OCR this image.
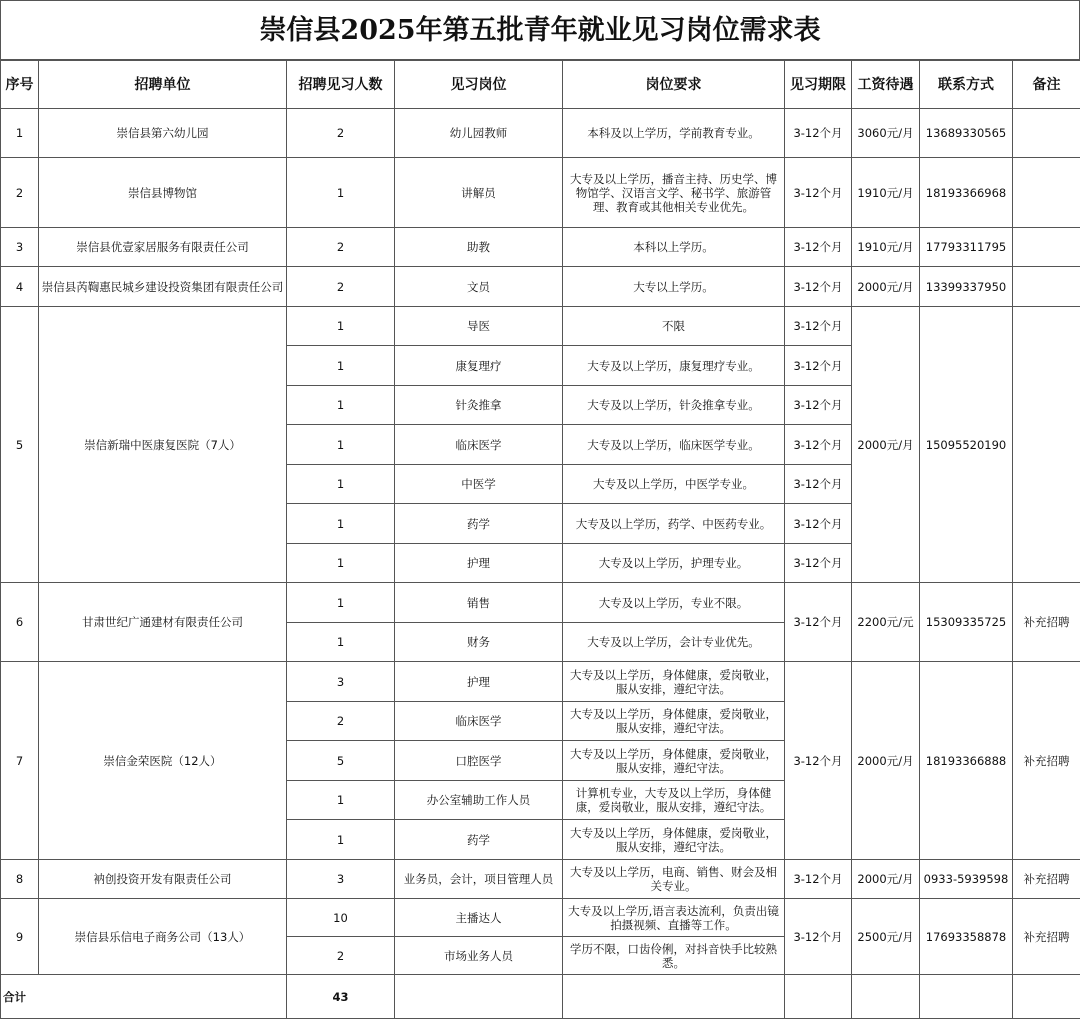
崇信县2025年第五批青年就业见习岗位需求表
序号	招聘单位	招聘见习人数	见习岗位	岗位要求	见习期限	工资待遇	联系方式	备注
1	崇信县第六幼儿园	2	幼儿园教师	本科及以上学历，学前教育专业。	3-12个月	3060元/月	13689330565	
2	崇信县博物馆	1	讲解员	大专及以上学历，播音主持、历史学、博物馆学、汉语言文学、秘书学、旅游管理、教育或其他相关专业优先。	3-12个月	1910元/月	18193366968	
3	崇信县优壹家居服务有限责任公司	2	助教	本科以上学历。	3-12个月	1910元/月	17793311795	
4	崇信县芮鞫惠民城乡建设投资集团有限责任公司	2	文员	大专以上学历。	3-12个月	2000元/月	13399337950	
5	崇信新瑞中医康复医院（7人）	1	导医	不限	3-12个月	2000元/月	15095520190	
		1	康复理疗	大专及以上学历，康复理疗专业。	3-12个月			
		1	针灸推拿	大专及以上学历，针灸推拿专业。	3-12个月			
		1	临床医学	大专及以上学历，临床医学专业。	3-12个月			
		1	中医学	大专及以上学历，中医学专业。	3-12个月			
		1	药学	大专及以上学历，药学、中医药专业。	3-12个月			
		1	护理	大专及以上学历，护理专业。	3-12个月			
6	甘肃世纪广通建材有限责任公司	1	销售	大专及以上学历，专业不限。	3-12个月	2200元/元	15309335725	补充招聘
		1	财务	大专及以上学历，会计专业优先。				
7	崇信金荣医院（12人）	3	护理	大专及以上学历，身体健康，爱岗敬业，服从安排，遵纪守法。	3-12个月	2000元/月	18193366888	补充招聘
		2	临床医学	大专及以上学历，身体健康，爱岗敬业，服从安排，遵纪守法。				
		5	口腔医学	大专及以上学历，身体健康，爱岗敬业，服从安排，遵纪守法。				
		1	办公室辅助工作人员	计算机专业，大专及以上学历，身体健康，爱岗敬业，服从安排，遵纪守法。				
		1	药学	大专及以上学历，身体健康，爱岗敬业，服从安排，遵纪守法。				
8	衲创投资开发有限责任公司	3	业务员，会计，项目管理人员	大专及以上学历，电商、销售、财会及相关专业。	3-12个月	2000元/月	0933-5939598	补充招聘
9	崇信县乐信电子商务公司（13人）	10	主播达人	大专及以上学历,语言表达流利，负责出镜拍摄视频、直播等工作。	3-12个月	2500元/月	17693358878	补充招聘
		2	市场业务人员	学历不限，口齿伶俐，对抖音快手比较熟悉。				
合计		43						
